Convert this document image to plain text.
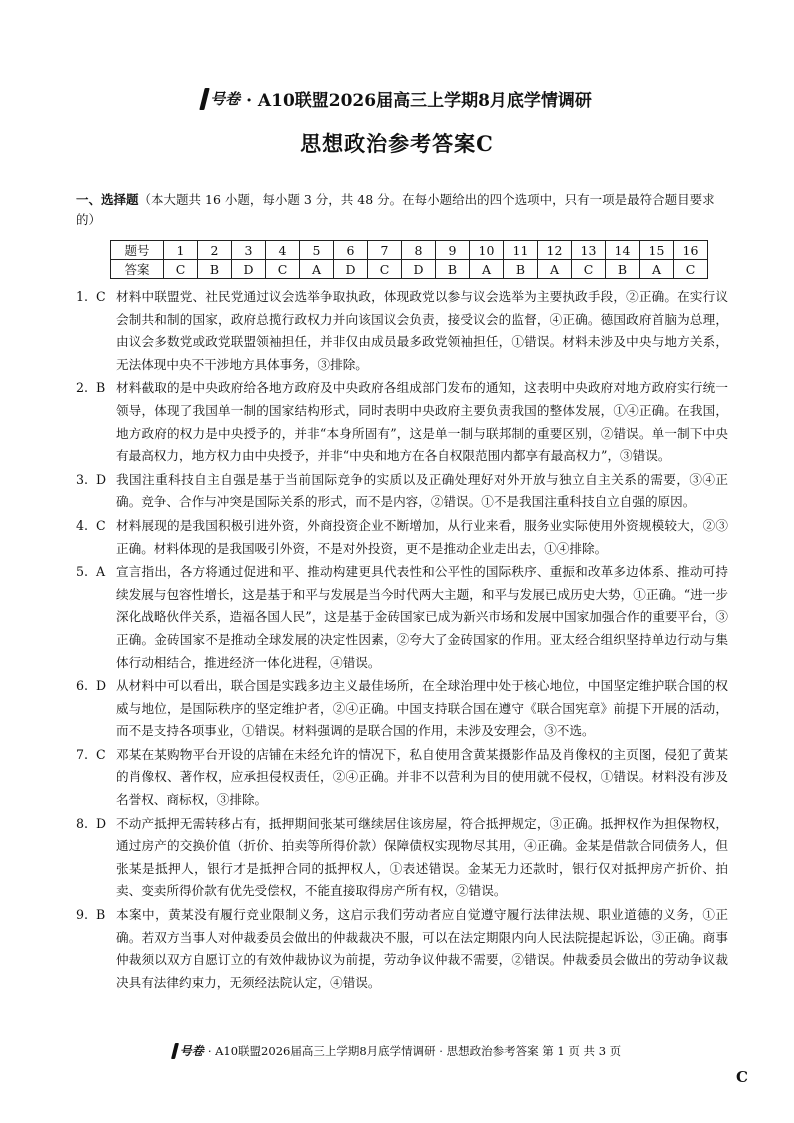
号卷 · A10联盟2026届高三上学期8月底学情调研
思想政治参考答案C
一、选择题（本大题共 16 小题，每小题 3 分，共 48 分。在每小题给出的四个选项中，只有一项是最符合题目要求的）
题号	1	2	3	4	5	6	7	8	9	10	11	12	13	14	15	16
答案	C	B	D	C	A	D	C	D	B	A	B	A	C	B	A	C
1. C 材料中联盟党、社民党通过议会选举争取执政，体现政党以参与议会选举为主要执政手段，②正确。在实行议会制共和制的国家，政府总揽行政权力并向该国议会负责，接受议会的监督，④正确。德国政府首脑为总理，由议会多数党或政党联盟领袖担任，并非仅由成员最多政党领袖担任，①错误。材料未涉及中央与地方关系，无法体现中央不干涉地方具体事务，③排除。
2. B 材料截取的是中央政府给各地方政府及中央政府各组成部门发布的通知，这表明中央政府对地方政府实行统一领导，体现了我国单一制的国家结构形式，同时表明中央政府主要负责我国的整体发展，①④正确。在我国，地方政府的权力是中央授予的，并非“本身所固有”，这是单一制与联邦制的重要区别，②错误。单一制下中央有最高权力，地方权力由中央授予，并非“中央和地方在各自权限范围内都享有最高权力”，③错误。
3. D 我国注重科技自主自强是基于当前国际竞争的实质以及正确处理好对外开放与独立自主关系的需要，③④正确。竞争、合作与冲突是国际关系的形式，而不是内容，②错误。①不是我国注重科技自立自强的原因。
4. C 材料展现的是我国积极引进外资，外商投资企业不断增加，从行业来看，服务业实际使用外资规模较大，②③正确。材料体现的是我国吸引外资，不是对外投资，更不是推动企业走出去，①④排除。
5. A 宣言指出，各方将通过促进和平、推动构建更具代表性和公平性的国际秩序、重振和改革多边体系、推动可持续发展与包容性增长，这是基于和平与发展是当今时代两大主题，和平与发展已成历史大势，①正确。“进一步深化战略伙伴关系，造福各国人民”，这是基于金砖国家已成为新兴市场和发展中国家加强合作的重要平台，③正确。金砖国家不是推动全球发展的决定性因素，②夸大了金砖国家的作用。亚太经合组织坚持单边行动与集体行动相结合，推进经济一体化进程，④错误。
6. D 从材料中可以看出，联合国是实践多边主义最佳场所，在全球治理中处于核心地位，中国坚定维护联合国的权威与地位，是国际秩序的坚定维护者，②④正确。中国支持联合国在遵守《联合国宪章》前提下开展的活动，而不是支持各项事业，①错误。材料强调的是联合国的作用，未涉及安理会，③不选。
7. C 邓某在某购物平台开设的店铺在未经允许的情况下，私自使用含黄某摄影作品及肖像权的主页图，侵犯了黄某的肖像权、著作权，应承担侵权责任，②④正确。并非不以营利为目的使用就不侵权，①错误。材料没有涉及名誉权、商标权，③排除。
8. D 不动产抵押无需转移占有，抵押期间张某可继续居住该房屋，符合抵押规定，③正确。抵押权作为担保物权，通过房产的交换价值（折价、拍卖等所得价款）保障债权实现物尽其用，④正确。金某是借款合同债务人，但张某是抵押人，银行才是抵押合同的抵押权人，①表述错误。金某无力还款时，银行仅对抵押房产折价、拍卖、变卖所得价款有优先受偿权，不能直接取得房产所有权，②错误。
9. B 本案中，黄某没有履行竞业限制义务，这启示我们劳动者应自觉遵守履行法律法规、职业道德的义务，①正确。若双方当事人对仲裁委员会做出的仲裁裁决不服，可以在法定期限内向人民法院提起诉讼，③正确。商事仲裁须以双方自愿订立的有效仲裁协议为前提，劳动争议仲裁不需要，②错误。仲裁委员会做出的劳动争议裁决具有法律约束力，无须经法院认定，④错误。
号卷 · A10联盟2026届高三上学期8月底学情调研 · 思想政治参考答案 第 1 页 共 3 页
C
